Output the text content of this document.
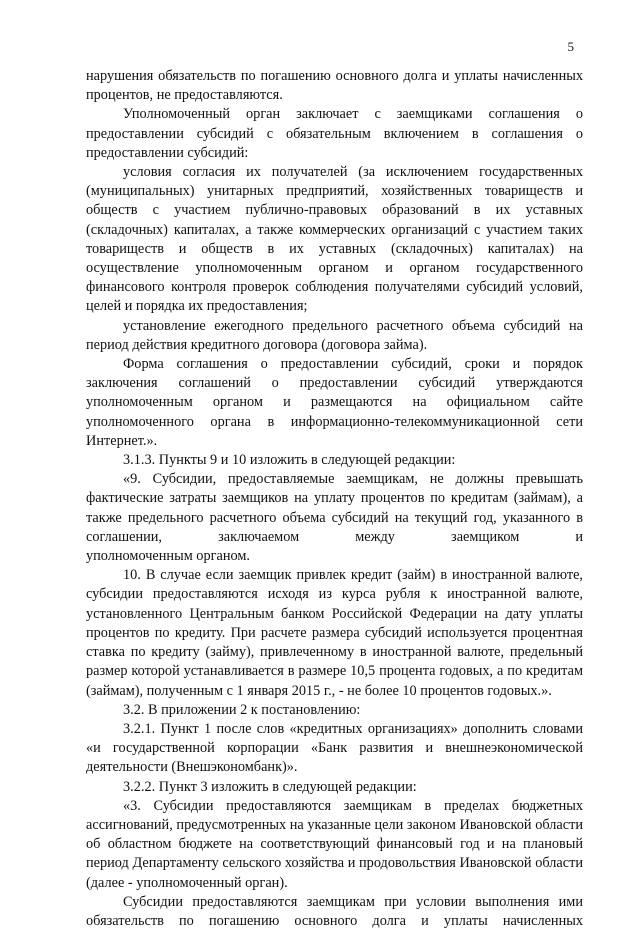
5

нарушения обязательств по погашению основного долга и уплаты начисленных процентов, не предоставляются.

Уполномоченный орган заключает с заемщиками соглашения о предоставлении субсидий с обязательным включением в соглашения о предоставлении субсидий:

условия согласия их получателей (за исключением государственных (муниципальных) унитарных предприятий, хозяйственных товариществ и обществ с участием публично-правовых образований в их уставных (складочных) капиталах, а также коммерческих организаций с участием таких товариществ и обществ в их уставных (складочных) капиталах) на осуществление уполномоченным органом и органом государственного финансового контроля проверок соблюдения получателями субсидий условий, целей и порядка их предоставления;

установление ежегодного предельного расчетного объема субсидий на период действия кредитного договора (договора займа).

Форма соглашения о предоставлении субсидий, сроки и порядок заключения соглашений о предоставлении субсидий утверждаются уполномоченным органом и размещаются на официальном сайте уполномоченного органа в информационно-телекоммуникационной сети Интернет.».

3.1.3. Пункты 9 и 10 изложить в следующей редакции:

«9. Субсидии, предоставляемые заемщикам, не должны превышать фактические затраты заемщиков на уплату процентов по кредитам (займам), а также предельного расчетного объема субсидий на текущий год, указанного в соглашении, заключаемом между заемщиком и

уполномоченным органом.

10. В случае если заемщик привлек кредит (займ) в иностранной валюте, субсидии предоставляются исходя из курса рубля к иностранной валюте, установленного Центральным банком Российской Федерации на дату уплаты процентов по кредиту. При расчете размера субсидий используется процентная ставка по кредиту (займу), привлеченному в иностранной валюте, предельный размер которой устанавливается в размере 10,5 процента годовых, а по кредитам (займам), полученным с 1 января 2015 г., - не более 10 процентов годовых.».

3.2. В приложении 2 к постановлению:

3.2.1. Пункт 1 после слов «кредитных организациях» дополнить словами «и государственной корпорации «Банк развития и внешнеэкономической деятельности (Внешэкономбанк)».

3.2.2. Пункт 3 изложить в следующей редакции:

«3. Субсидии предоставляются заемщикам в пределах бюджетных ассигнований, предусмотренных на указанные цели законом Ивановской области об областном бюджете на соответствующий финансовый год и на плановый период Департаменту сельского хозяйства и продовольствия Ивановской области (далее - уполномоченный орган).

Субсидии предоставляются заемщикам при условии выполнения ими обязательств по погашению основного долга и уплаты начисленных
